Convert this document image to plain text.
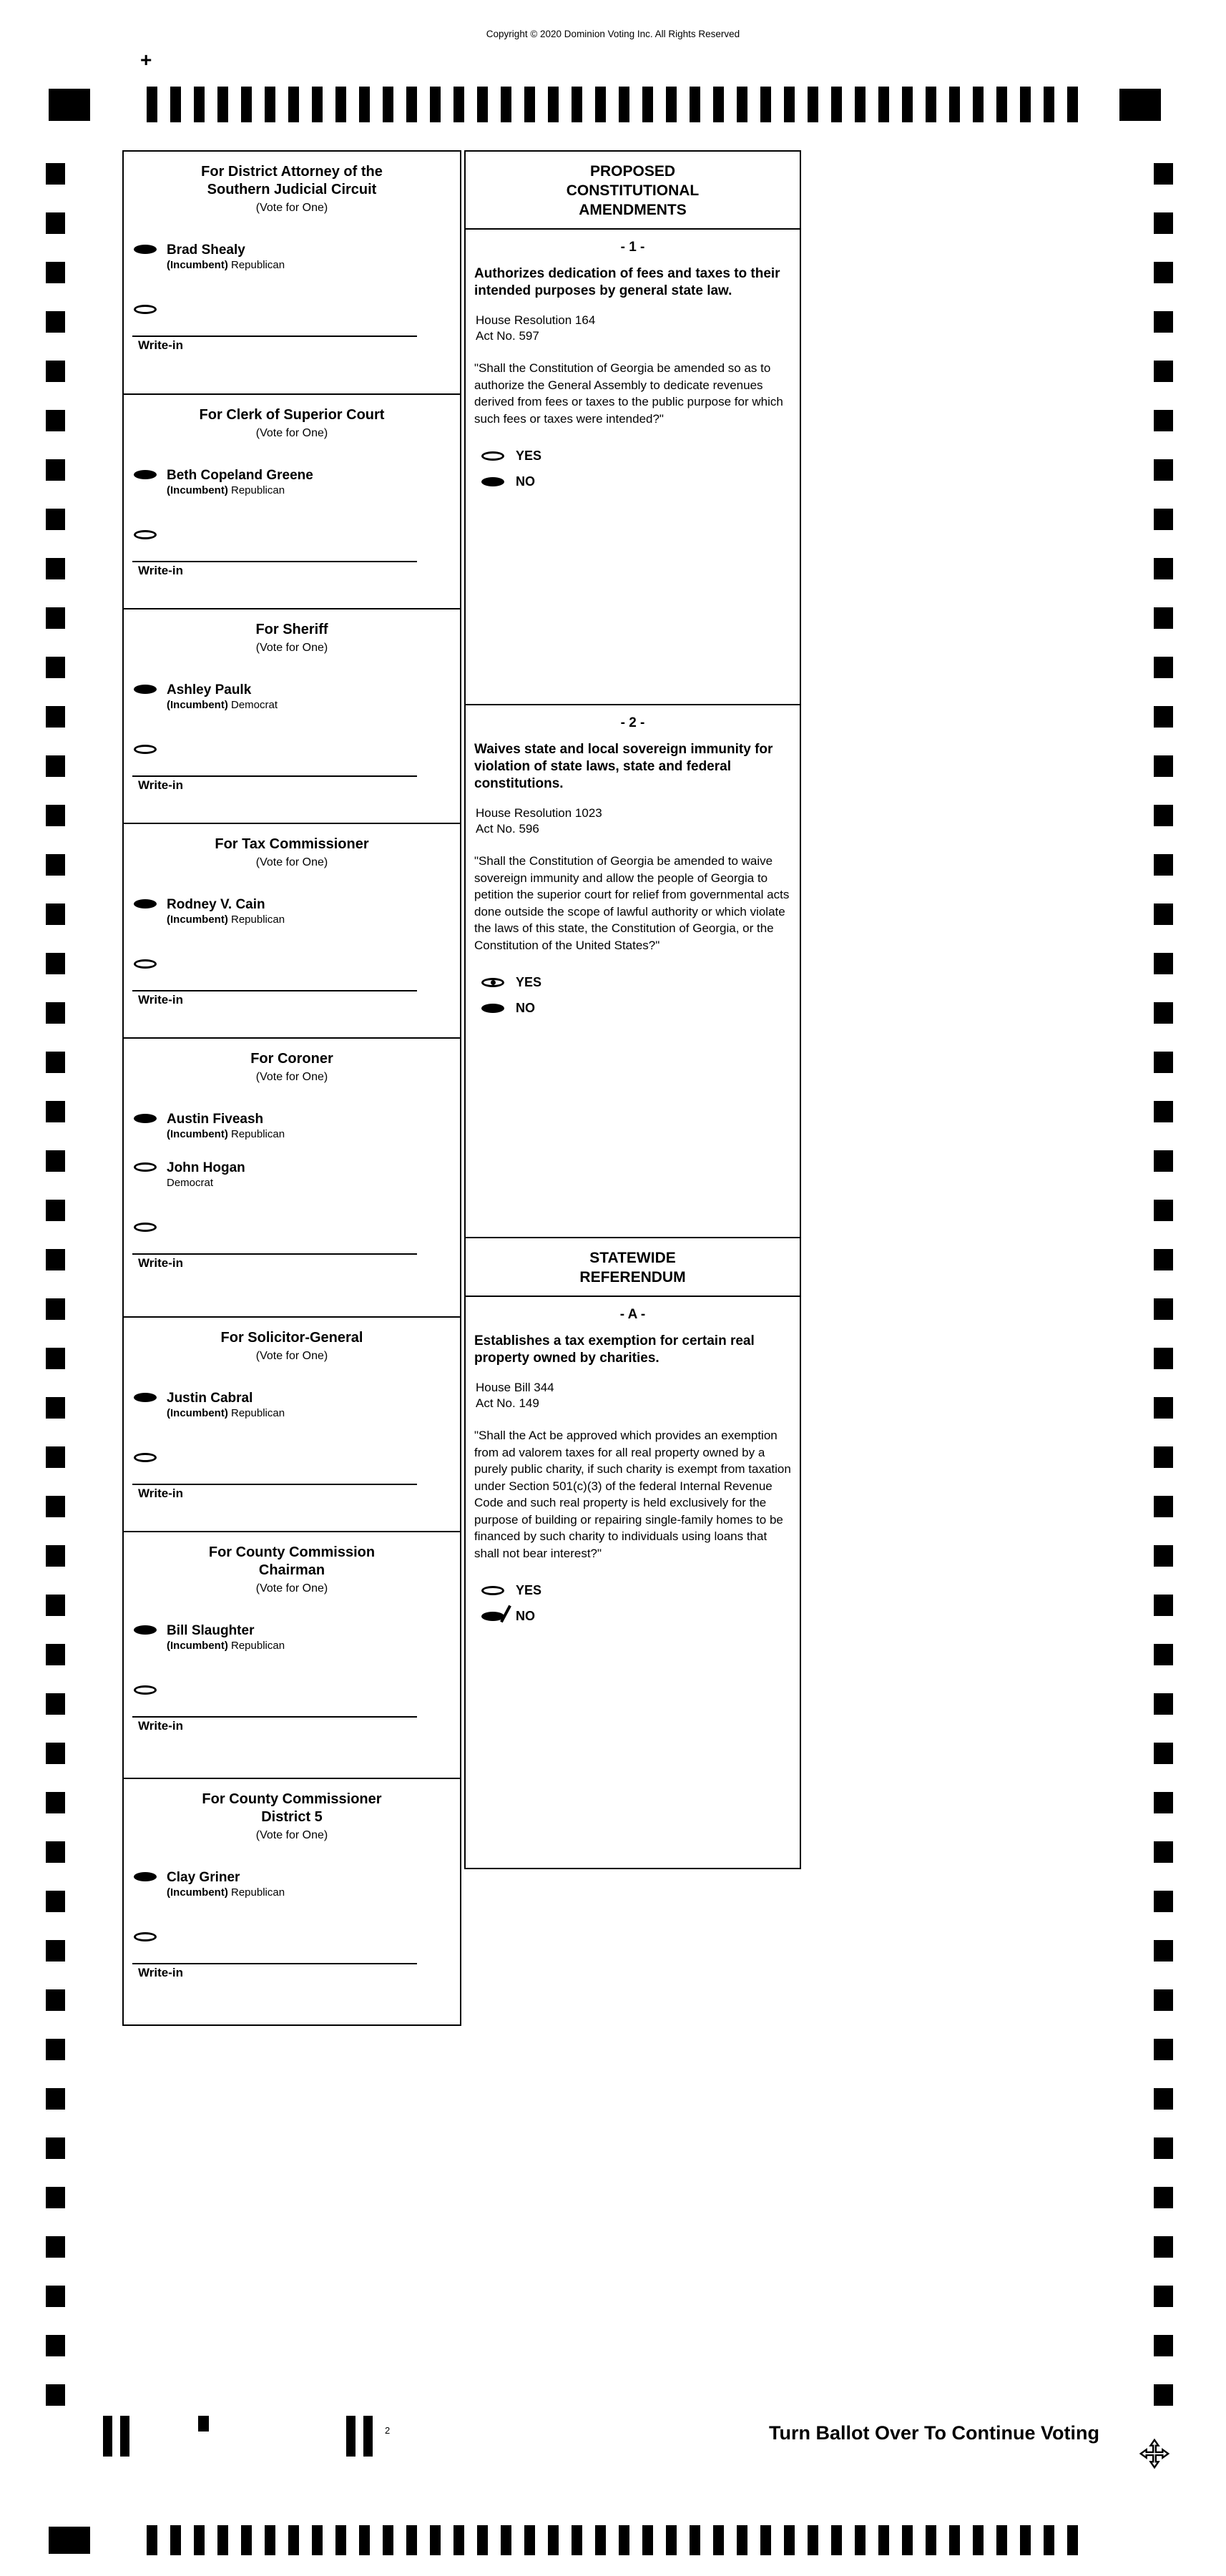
Copyright © 2020 Dominion Voting Inc. All Rights Reserved
+
For District Attorney of the
Southern Judicial Circuit
(Vote for One)
Brad Shealy
(Incumbent) Republican
Write-in
For Clerk of Superior Court
(Vote for One)
Beth Copeland Greene
(Incumbent) Republican
Write-in
For Sheriff
(Vote for One)
Ashley Paulk
(Incumbent) Democrat
Write-in
For Tax Commissioner
(Vote for One)
Rodney V. Cain
(Incumbent) Republican
Write-in
For Coroner
(Vote for One)
Austin Fiveash
(Incumbent) Republican
John Hogan
Democrat
Write-in
For Solicitor-General
(Vote for One)
Justin Cabral
(Incumbent) Republican
Write-in
For County Commission
Chairman
(Vote for One)
Bill Slaughter
(Incumbent) Republican
Write-in
For County Commissioner
District 5
(Vote for One)
Clay Griner
(Incumbent) Republican
Write-in
PROPOSED
CONSTITUTIONAL
AMENDMENTS
- 1 -
Authorizes dedication of fees and taxes to their intended purposes by general state law.
House Resolution 164
Act No. 597
"Shall the Constitution of Georgia be amended so as to authorize the General Assembly to dedicate revenues derived from fees or taxes to the public purpose for which such fees or taxes were intended?"
YES
NO
- 2 -
Waives state and local sovereign immunity for violation of state laws, state and federal constitutions.
House Resolution 1023
Act No. 596
"Shall the Constitution of Georgia be amended to waive sovereign immunity and allow the people of Georgia to petition the superior court for relief from governmental acts done outside the scope of lawful authority or which violate the laws of this state, the Constitution of Georgia, or the Constitution of the United States?"
YES
NO
STATEWIDE
REFERENDUM
- A -
Establishes a tax exemption for certain real property owned by charities.
House Bill 344
Act No. 149
"Shall the Act be approved which provides an exemption from ad valorem taxes for all real property owned by a purely public charity, if such charity is exempt from taxation under Section 501(c)(3) of the federal Internal Revenue Code and such real property is held exclusively for the purpose of building or repairing single-family homes to be financed by such charity to individuals using loans that shall not bear interest?"
YES
NO
2	Turn Ballot Over To Continue Voting
